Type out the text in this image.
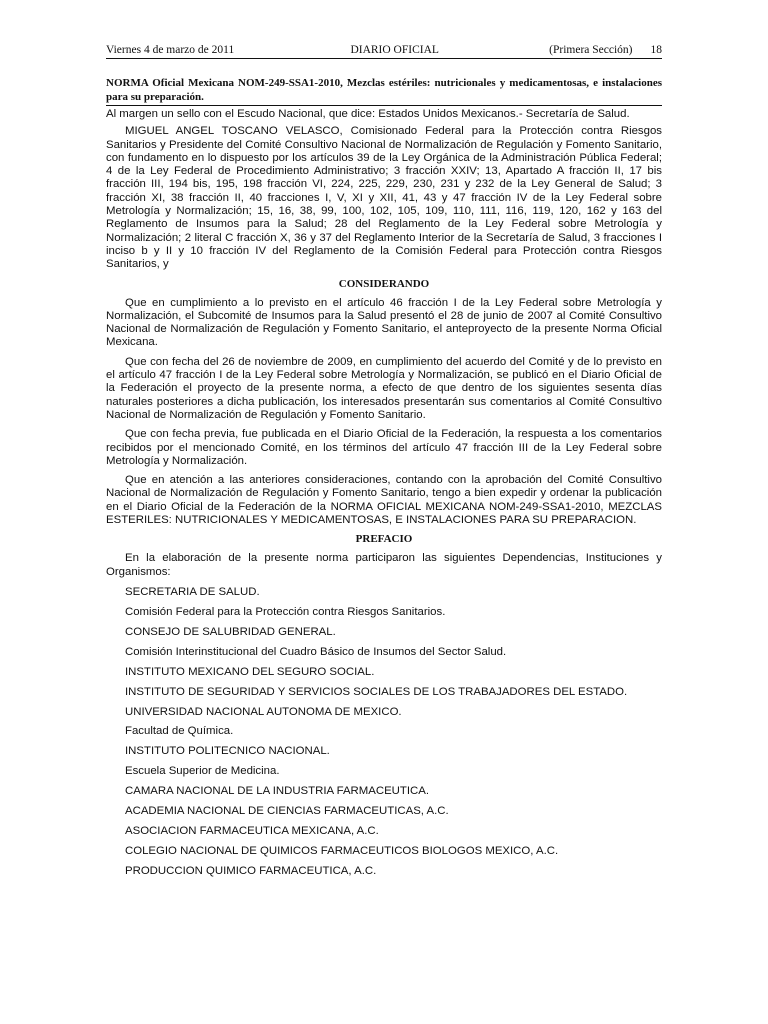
Viernes 4 de marzo de 2011	DIARIO OFICIAL	(Primera Sección) 18
NORMA Oficial Mexicana NOM-249-SSA1-2010, Mezclas estériles: nutricionales y medicamentosas, e instalaciones para su preparación.
Al margen un sello con el Escudo Nacional, que dice: Estados Unidos Mexicanos.- Secretaría de Salud.

MIGUEL ANGEL TOSCANO VELASCO, Comisionado Federal para la Protección contra Riesgos Sanitarios y Presidente del Comité Consultivo Nacional de Normalización de Regulación y Fomento Sanitario, con fundamento en lo dispuesto por los artículos 39 de la Ley Orgánica de la Administración Pública Federal; 4 de la Ley Federal de Procedimiento Administrativo; 3 fracción XXIV; 13, Apartado A fracción II, 17 bis fracción III, 194 bis, 195, 198 fracción VI, 224, 225, 229, 230, 231 y 232 de la Ley General de Salud; 3 fracción XI, 38 fracción II, 40 fracciones I, V, XI y XII, 41, 43 y 47 fracción IV de la Ley Federal sobre Metrología y Normalización; 15, 16, 38, 99, 100, 102, 105, 109, 110, 111, 116, 119, 120, 162 y 163 del Reglamento de Insumos para la Salud; 28 del Reglamento de la Ley Federal sobre Metrología y Normalización; 2 literal C fracción X, 36 y 37 del Reglamento Interior de la Secretaría de Salud, 3 fracciones I inciso b y II y 10 fracción IV del Reglamento de la Comisión Federal para Protección contra Riesgos Sanitarios, y

CONSIDERANDO

Que en cumplimiento a lo previsto en el artículo 46 fracción I de la Ley Federal sobre Metrología y Normalización, el Subcomité de Insumos para la Salud presentó el 28 de junio de 2007 al Comité Consultivo Nacional de Normalización de Regulación y Fomento Sanitario, el anteproyecto de la presente Norma Oficial Mexicana.

Que con fecha del 26 de noviembre de 2009, en cumplimiento del acuerdo del Comité y de lo previsto en el artículo 47 fracción I de la Ley Federal sobre Metrología y Normalización, se publicó en el Diario Oficial de la Federación el proyecto de la presente norma, a efecto de que dentro de los siguientes sesenta días naturales posteriores a dicha publicación, los interesados presentarán sus comentarios al Comité Consultivo Nacional de Normalización de Regulación y Fomento Sanitario.

Que con fecha previa, fue publicada en el Diario Oficial de la Federación, la respuesta a los comentarios recibidos por el mencionado Comité, en los términos del artículo 47 fracción III de la Ley Federal sobre Metrología y Normalización.

Que en atención a las anteriores consideraciones, contando con la aprobación del Comité Consultivo Nacional de Normalización de Regulación y Fomento Sanitario, tengo a bien expedir y ordenar la publicación en el Diario Oficial de la Federación de la NORMA OFICIAL MEXICANA NOM-249-SSA1-2010, MEZCLAS ESTERILES: NUTRICIONALES Y MEDICAMENTOSAS, E INSTALACIONES PARA SU PREPARACION.

PREFACIO

En la elaboración de la presente norma participaron las siguientes Dependencias, Instituciones y Organismos:

SECRETARIA DE SALUD.
Comisión Federal para la Protección contra Riesgos Sanitarios.
CONSEJO DE SALUBRIDAD GENERAL.
Comisión Interinstitucional del Cuadro Básico de Insumos del Sector Salud.
INSTITUTO MEXICANO DEL SEGURO SOCIAL.
INSTITUTO DE SEGURIDAD Y SERVICIOS SOCIALES DE LOS TRABAJADORES DEL ESTADO.
UNIVERSIDAD NACIONAL AUTONOMA DE MEXICO.
Facultad de Química.
INSTITUTO POLITECNICO NACIONAL.
Escuela Superior de Medicina.
CAMARA NACIONAL DE LA INDUSTRIA FARMACEUTICA.
ACADEMIA NACIONAL DE CIENCIAS FARMACEUTICAS, A.C.
ASOCIACION FARMACEUTICA MEXICANA, A.C.
COLEGIO NACIONAL DE QUIMICOS FARMACEUTICOS BIOLOGOS MEXICO, A.C.
PRODUCCION QUIMICO FARMACEUTICA, A.C.
